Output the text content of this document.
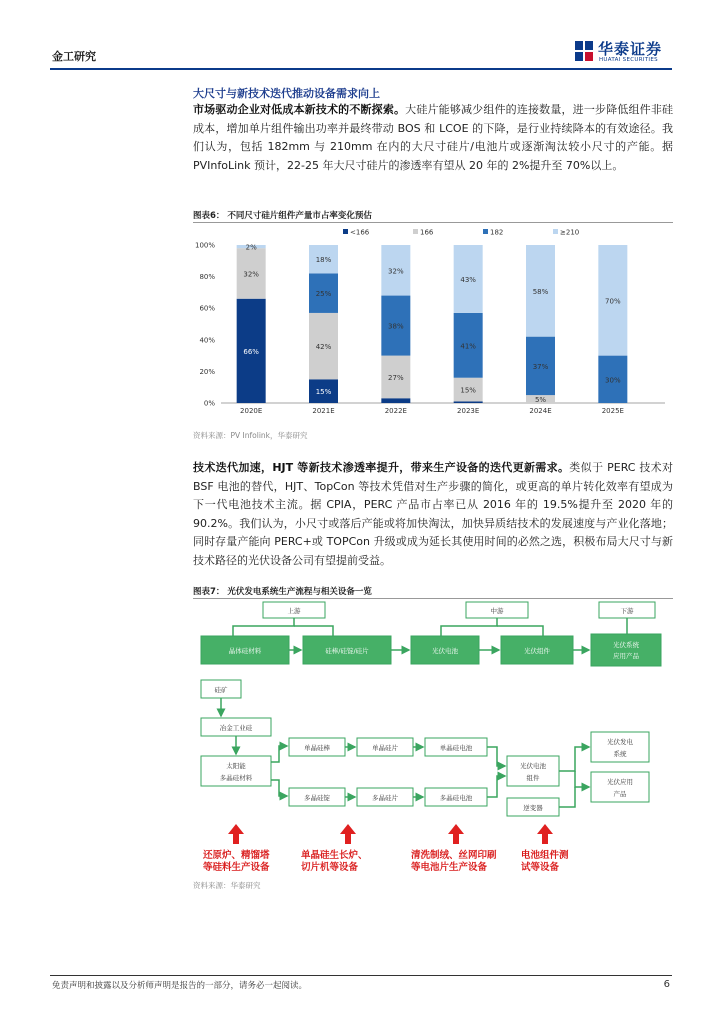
金工研究	华泰证券
HUATAI SECURITIES
大尺寸与新技术迭代推动设备需求向上
市场驱动企业对低成本新技术的不断探索。大硅片能够减少组件的连接数量，进一步降低组件非硅成本，增加单片组件输出功率并最终带动 BOS 和 LCOE 的下降，是行业持续降本的有效途径。我们认为，包括 182mm 与 210mm 在内的大尺寸硅片/电池片或逐渐淘汰较小尺寸的产能。据 PVInfoLink 预计，22-25 年大尺寸硅片的渗透率有望从 20 年的 2%提升至 70%以上。
图表6： 不同尺寸硅片组件产量市占率变化预估
<166	166	182	≥210
0%
20%
40%
60%
80%
100%
66%
32%
2%
2020E
15%
42%
25%
18%
2021E
27%
38%
32%
2022E
15%
41%
43%
2023E
5%
37%
58%
2024E
30%
70%
2025E
资料来源：PV Infolink，华泰研究
技术迭代加速，HJT 等新技术渗透率提升，带来生产设备的迭代更新需求。类似于 PERC 技术对 BSF 电池的替代，HJT、TopCon 等技术凭借对生产步骤的简化，或更高的单片转化效率有望成为下一代电池技术主流。据 CPIA，PERC 产品市占率已从 2016 年的 19.5%提升至 2020 年的 90.2%。我们认为，小尺寸或落后产能或将加快淘汰，加快异质结技术的发展速度与产业化落地；同时存量产能向 PERC+或 TOPCon 升级或成为延长其使用时间的必然之选，积极布局大尺寸与新技术路径的光伏设备公司有望提前受益。
图表7： 光伏发电系统生产流程与相关设备一览
上游	中游	下游
晶体硅材料	硅棒/硅锭/硅片	光伏电池	光伏组件
光伏系统
应用产品
硅矿
冶金工业硅
太阳能
多晶硅材料
单晶硅棒	单晶硅片	单晶硅电池
多晶硅锭	多晶硅片	多晶硅电池
光伏电池
组件
逆变器
光伏发电
系统
光伏应用
产品
还原炉、精馏塔
等硅料生产设备
单晶硅生长炉、
切片机等设备
清洗制绒、丝网印刷
等电池片生产设备
电池组件测
试等设备
资料来源：华泰研究
免责声明和披露以及分析师声明是报告的一部分，请务必一起阅读。	6
